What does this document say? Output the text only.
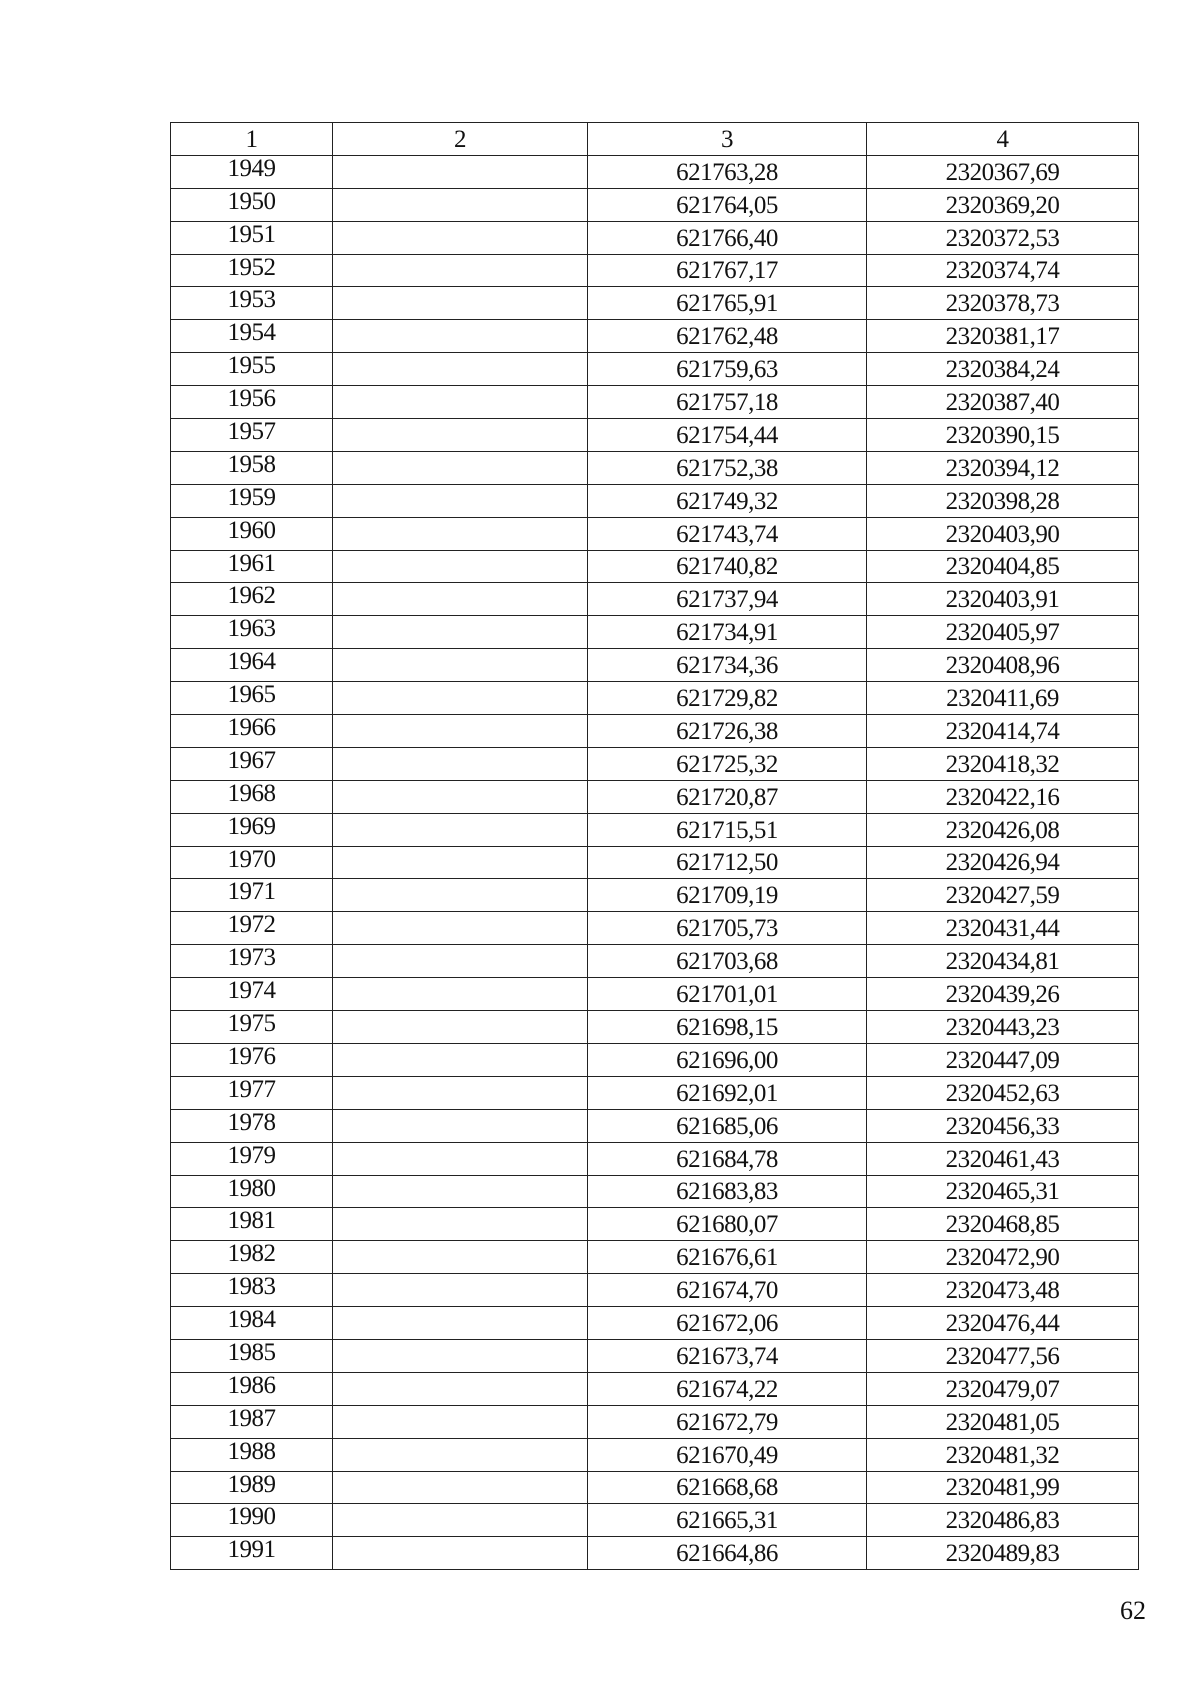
1	2	3	4
1949		621763,28	2320367,69
1950		621764,05	2320369,20
1951		621766,40	2320372,53
1952		621767,17	2320374,74
1953		621765,91	2320378,73
1954		621762,48	2320381,17
1955		621759,63	2320384,24
1956		621757,18	2320387,40
1957		621754,44	2320390,15
1958		621752,38	2320394,12
1959		621749,32	2320398,28
1960		621743,74	2320403,90
1961		621740,82	2320404,85
1962		621737,94	2320403,91
1963		621734,91	2320405,97
1964		621734,36	2320408,96
1965		621729,82	2320411,69
1966		621726,38	2320414,74
1967		621725,32	2320418,32
1968		621720,87	2320422,16
1969		621715,51	2320426,08
1970		621712,50	2320426,94
1971		621709,19	2320427,59
1972		621705,73	2320431,44
1973		621703,68	2320434,81
1974		621701,01	2320439,26
1975		621698,15	2320443,23
1976		621696,00	2320447,09
1977		621692,01	2320452,63
1978		621685,06	2320456,33
1979		621684,78	2320461,43
1980		621683,83	2320465,31
1981		621680,07	2320468,85
1982		621676,61	2320472,90
1983		621674,70	2320473,48
1984		621672,06	2320476,44
1985		621673,74	2320477,56
1986		621674,22	2320479,07
1987		621672,79	2320481,05
1988		621670,49	2320481,32
1989		621668,68	2320481,99
1990		621665,31	2320486,83
1991		621664,86	2320489,83
62
